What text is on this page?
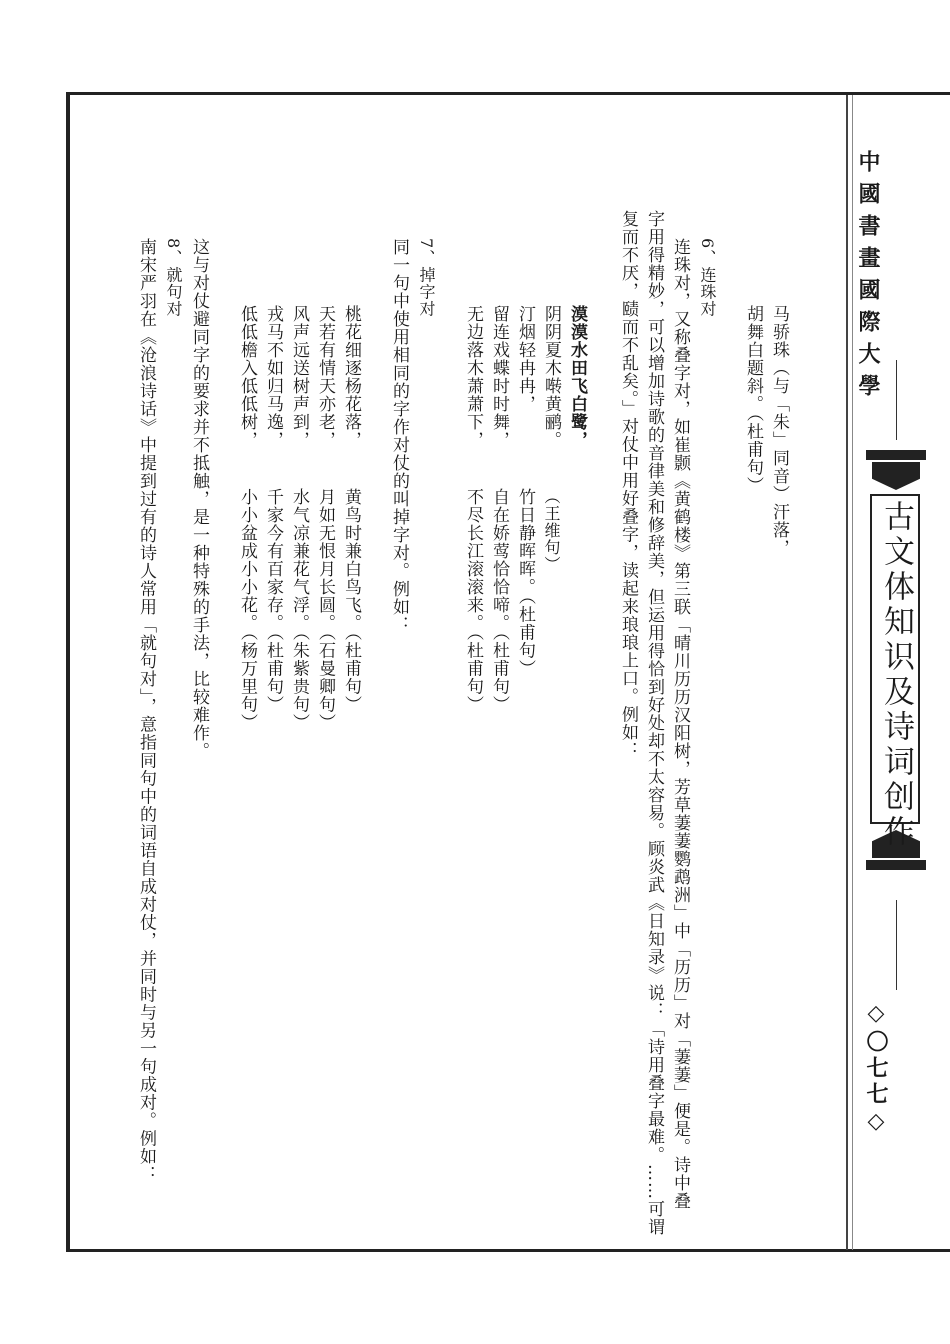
中國書畫國際大學
古文体知识及诗词创作
◇〇七七◇
马骄珠（与「朱」同音）汗落，
胡舞白题斜。（杜甫句）
6、连珠对
连珠对，又称叠字对，如崔颢《黄鹤楼》第三联「晴川历历汉阳树，芳草萋萋鹦鹉洲」中「历历」对「萋萋」便是。诗中叠
字用得精妙，可以增加诗歌的音律美和修辞美，但运用得恰到好处却不太容易。顾炎武《日知录》说：「诗用叠字最难。……可谓
复而不厌，赜而不乱矣。」对仗中用好叠字，读起来琅琅上口。例如：
漠漠水田飞白鹭，
阴阴夏木啭黄鹂。
（王维句）
汀烟轻冉冉，
竹日静晖晖。（杜甫句）
留连戏蝶时时舞，
自在娇莺恰恰啼。（杜甫句）
无边落木萧萧下，
不尽长江滚滚来。（杜甫句）
7、掉字对
同一句中使用相同的字作对仗的叫掉字对。例如：
桃花细逐杨花落，
黄鸟时兼白鸟飞。（杜甫句）
天若有情天亦老，
月如无恨月长圆。（石曼卿句）
风声远送树声到，
水气凉兼花气浮。（朱紫贵句）
戎马不如归马逸，
千家今有百家存。（杜甫句）
低低檐入低低树，
小小盆成小小花。（杨万里句）
这与对仗避同字的要求并不抵触，是一种特殊的手法，比较难作。
8、就句对
南宋严羽在《沧浪诗话》中提到过有的诗人常用「就句对」，意指同句中的词语自成对仗，并同时与另一句成对。例如：
